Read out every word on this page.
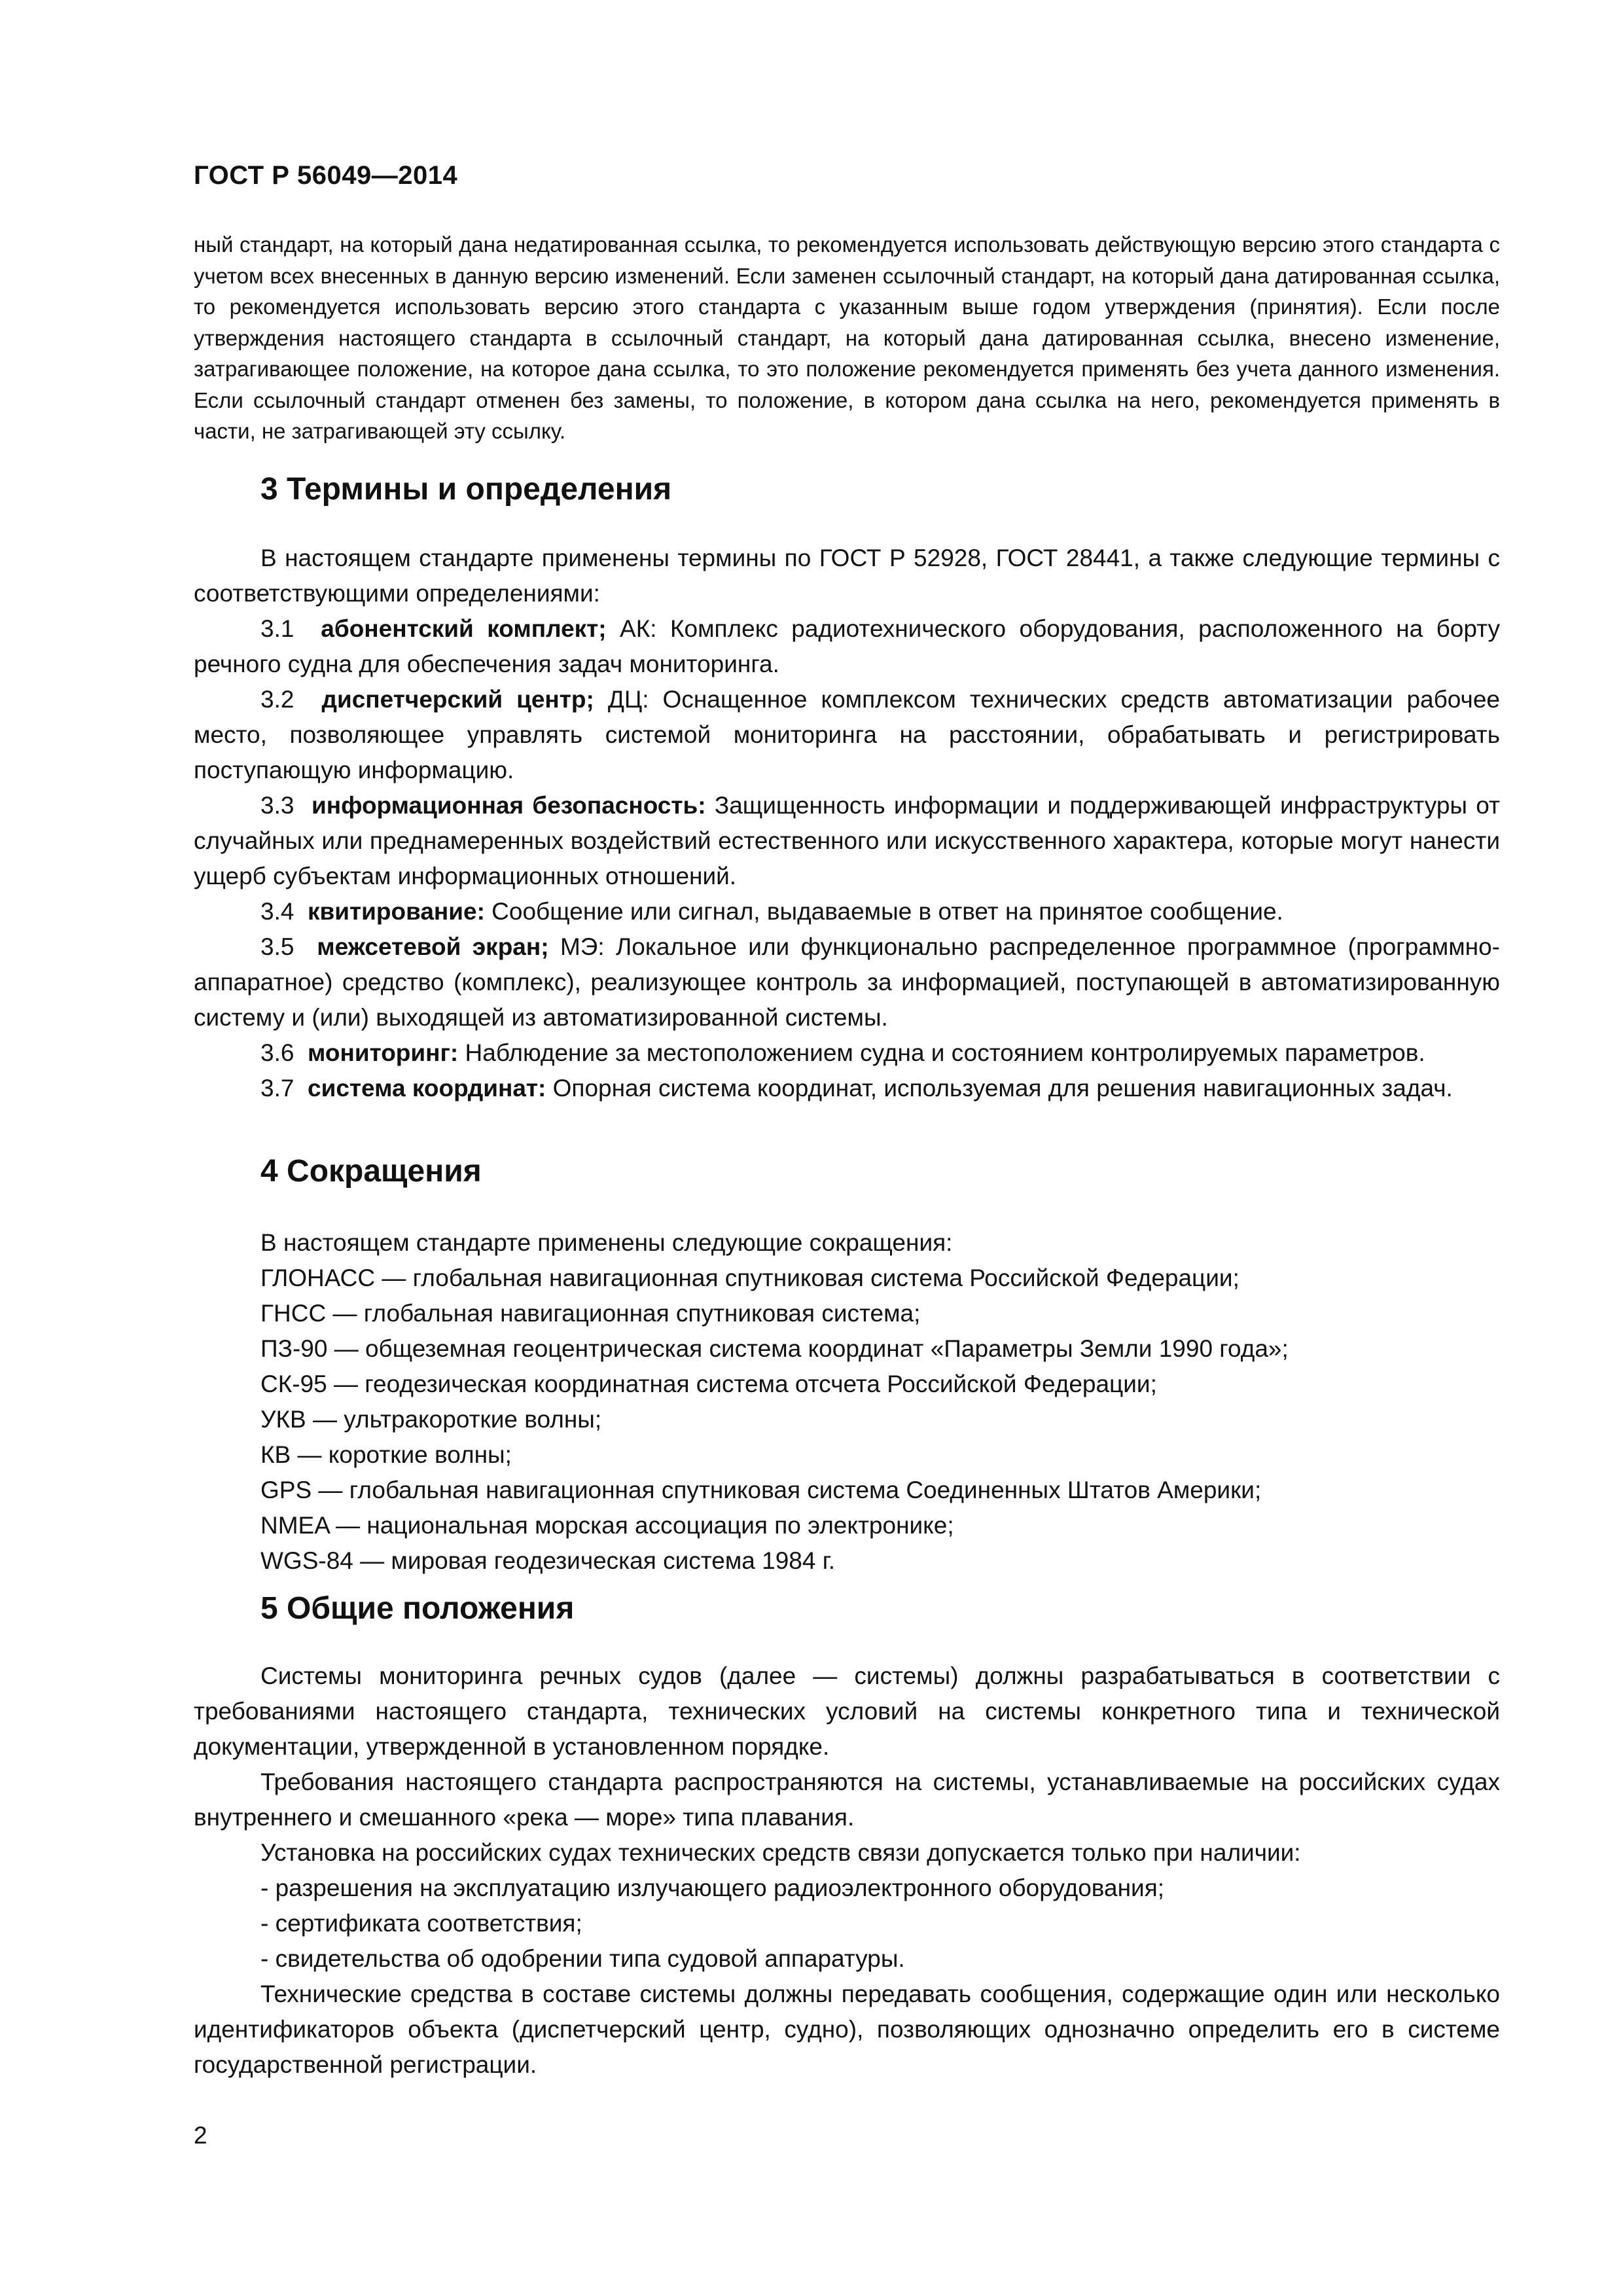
ГОСТ Р 56049—2014
ный стандарт, на который дана недатированная ссылка, то рекомендуется использовать действующую версию этого стандарта с учетом всех внесенных в данную версию изменений. Если заменен ссылочный стандарт, на который дана датированная ссылка, то рекомендуется использовать версию этого стандарта с указанным выше годом утверждения (принятия). Если после утверждения настоящего стандарта в ссылочный стандарт, на который дана датированная ссылка, внесено изменение, затрагивающее положение, на которое дана ссылка, то это положение рекомендуется применять без учета данного изменения. Если ссылочный стандарт отменен без замены, то положение, в котором дана ссылка на него, рекомендуется применять в части, не затрагивающей эту ссылку.
3 Термины и определения

В настоящем стандарте применены термины по ГОСТ Р 52928, ГОСТ 28441, а также следующие термины с соответствующими определениями:

3.1 абонентский комплект; АК: Комплекс радиотехнического оборудования, расположенного на борту речного судна для обеспечения задач мониторинга.

3.2 диспетчерский центр; ДЦ: Оснащенное комплексом технических средств автоматизации рабочее место, позволяющее управлять системой мониторинга на расстоянии, обрабатывать и регистрировать поступающую информацию.

3.3 информационная безопасность: Защищенность информации и поддерживающей инфраструктуры от случайных или преднамеренных воздействий естественного или искусственного характера, которые могут нанести ущерб субъектам информационных отношений.

3.4 квитирование: Сообщение или сигнал, выдаваемые в ответ на принятое сообщение.

3.5 межсетевой экран; МЭ: Локальное или функционально распределенное программное (программно-аппаратное) средство (комплекс), реализующее контроль за информацией, поступающей в автоматизированную систему и (или) выходящей из автоматизированной системы.

3.6 мониторинг: Наблюдение за местоположением судна и состоянием контролируемых параметров.

3.7 система координат: Опорная система координат, используемая для решения навигационных задач.

4 Сокращения
В настоящем стандарте применены следующие сокращения:
ГЛОНАСС — глобальная навигационная спутниковая система Российской Федерации;
ГНСС — глобальная навигационная спутниковая система;
ПЗ-90 — общеземная геоцентрическая система координат «Параметры Земли 1990 года»;
СК-95 — геодезическая координатная система отсчета Российской Федерации;
УКВ — ультракороткие волны;
КВ — короткие волны;
GPS — глобальная навигационная спутниковая система Соединенных Штатов Америки;
NMEA — национальная морская ассоциация по электронике;
WGS-84 — мировая геодезическая система 1984 г.
5 Общие положения

Системы мониторинга речных судов (далее — системы) должны разрабатываться в соответствии с требованиями настоящего стандарта, технических условий на системы конкретного типа и технической документации, утвержденной в установленном порядке.

Требования настоящего стандарта распространяются на системы, устанавливаемые на российских судах внутреннего и смешанного «река — море» типа плавания.

Установка на российских судах технических средств связи допускается только при наличии:

- разрешения на эксплуатацию излучающего радиоэлектронного оборудования;

- сертификата соответствия;

- свидетельства об одобрении типа судовой аппаратуры.

Технические средства в составе системы должны передавать сообщения, содержащие один или несколько идентификаторов объекта (диспетчерский центр, судно), позволяющих однозначно определить его в системе государственной регистрации.

2
